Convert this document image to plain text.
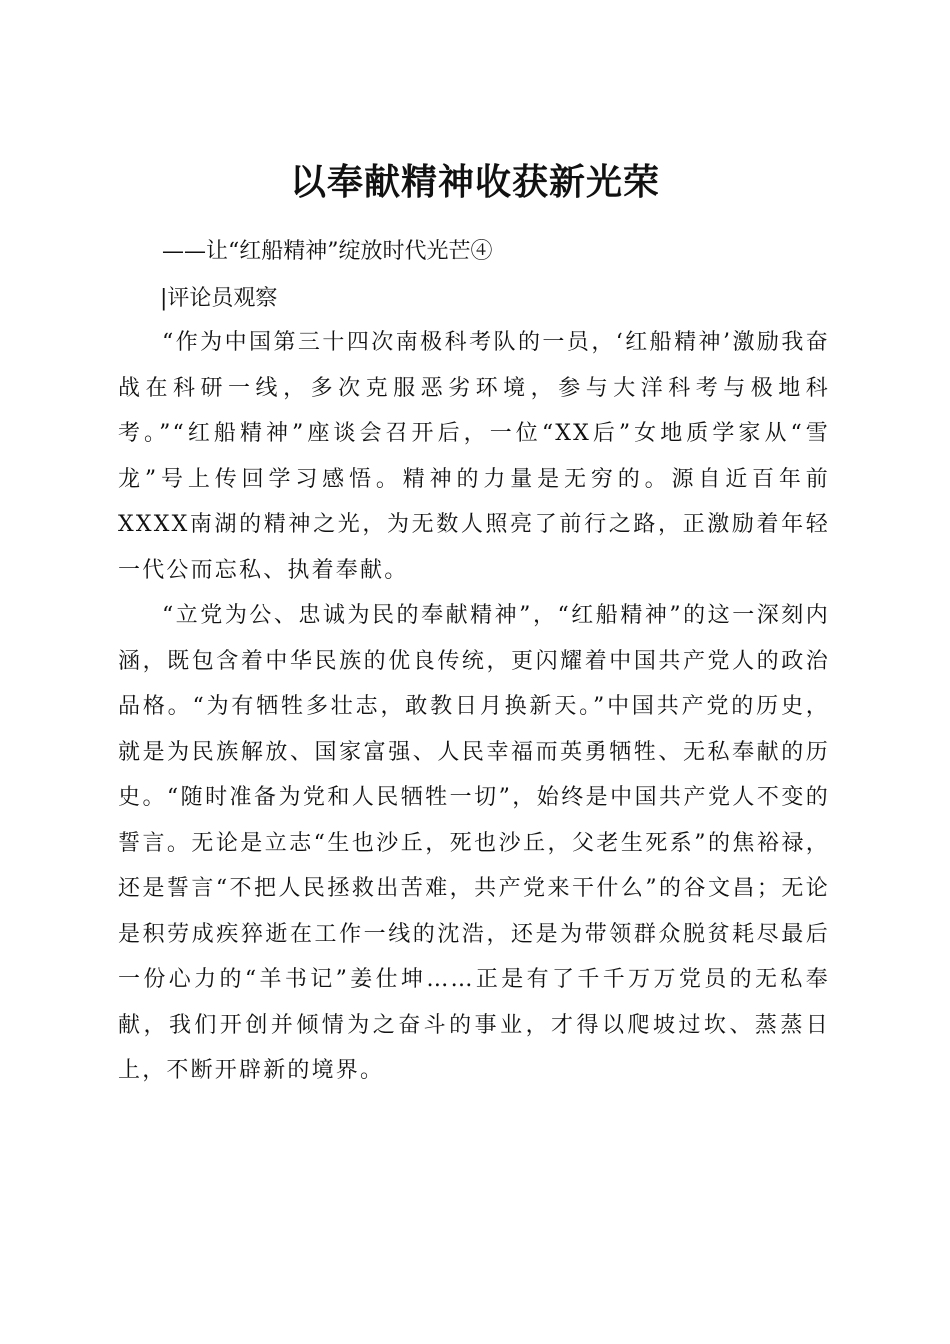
以奉献精神收获新光荣
——让“红船精神”绽放时代光芒④
|评论员观察

“作为中国第三十四次南极科考队的一员，‘红船精神’激励我奋战在科研一线，多次克服恶劣环境，参与大洋科考与极地科考。”“红船精神”座谈会召开后，一位“XX后”女地质学家从“雪龙”号上传回学习感悟。精神的力量是无穷的。源自近百年前XXXX南湖的精神之光，为无数人照亮了前行之路，正激励着年轻一代公而忘私、执着奉献。

“立党为公、忠诚为民的奉献精神”，“红船精神”的这一深刻内涵，既包含着中华民族的优良传统，更闪耀着中国共产党人的政治品格。“为有牺牲多壮志，敢教日月换新天。”中国共产党的历史，就是为民族解放、国家富强、人民幸福而英勇牺牲、无私奉献的历史。“随时准备为党和人民牺牲一切”，始终是中国共产党人不变的誓言。无论是立志“生也沙丘，死也沙丘，父老生死系”的焦裕禄，还是誓言“不把人民拯救出苦难，共产党来干什么”的谷文昌；无论是积劳成疾猝逝在工作一线的沈浩，还是为带领群众脱贫耗尽最后一份心力的“羊书记”姜仕坤……正是有了千千万万党员的无私奉献，我们开创并倾情为之奋斗的事业，才得以爬坡过坎、蒸蒸日上，不断开辟新的境界。
